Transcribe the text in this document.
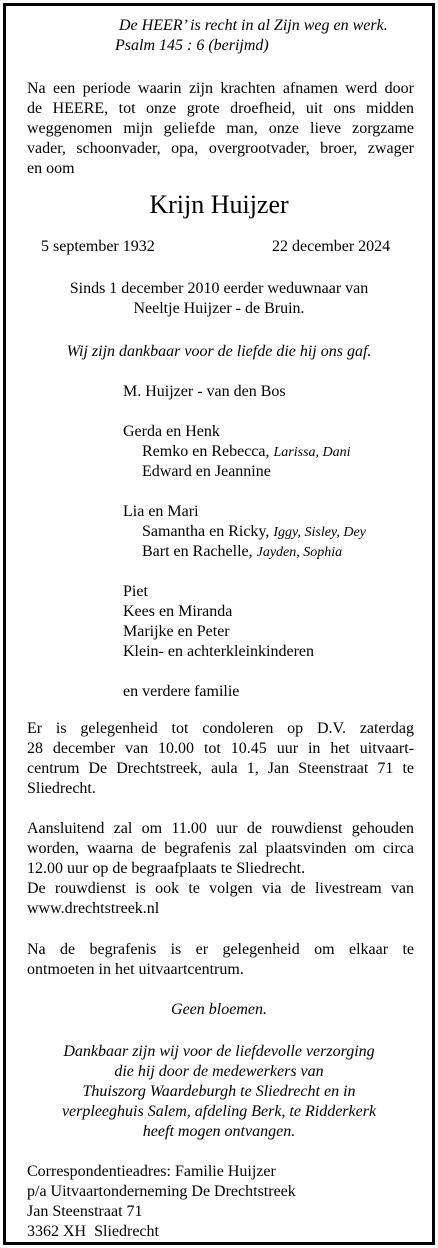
De HEER’ is recht in al Zijn weg en werk.
Psalm 145 : 6 (berijmd)
Na een periode waarin zijn krachten afnamen werd door
de HEERE, tot onze grote droefheid, uit ons midden
weggenomen mijn geliefde man, onze lieve zorgzame
vader, schoonvader, opa, overgrootvader, broer, zwager
en oom
Krijn Huijzer
5 september 1932	22 december 2024
Sinds 1 december 2010 eerder weduwnaar van
Neeltje Huijzer - de Bruin.
Wij zijn dankbaar voor de liefde die hij ons gaf.
M. Huijzer - van den Bos
Gerda en Henk
Remko en Rebecca, Larissa, Dani
Edward en Jeannine
Lia en Mari
Samantha en Ricky, Iggy, Sisley, Dey
Bart en Rachelle, Jayden, Sophia
Piet
Kees en Miranda
Marijke en Peter
Klein- en achterkleinkinderen
en verdere familie
Er is gelegenheid tot condoleren op D.V. zaterdag
28 december van 10.00 tot 10.45 uur in het uitvaart-
centrum De Drechtstreek, aula 1, Jan Steenstraat 71 te
Sliedrecht.
Aansluitend zal om 11.00 uur de rouwdienst gehouden
worden, waarna de begrafenis zal plaatsvinden om circa
12.00 uur op de begraafplaats te Sliedrecht.
De rouwdienst is ook te volgen via de livestream van
www.drechtstreek.nl
Na de begrafenis is er gelegenheid om elkaar te
ontmoeten in het uitvaartcentrum.
Geen bloemen.
Dankbaar zijn wij voor de liefdevolle verzorging
die hij door de medewerkers van
Thuiszorg Waardeburgh te Sliedrecht en in
verpleeghuis Salem, afdeling Berk, te Ridderkerk
heeft mogen ontvangen.
Correspondentieadres: Familie Huijzer
p/a Uitvaartonderneming De Drechtstreek
Jan Steenstraat 71
3362 XH  Sliedrecht
